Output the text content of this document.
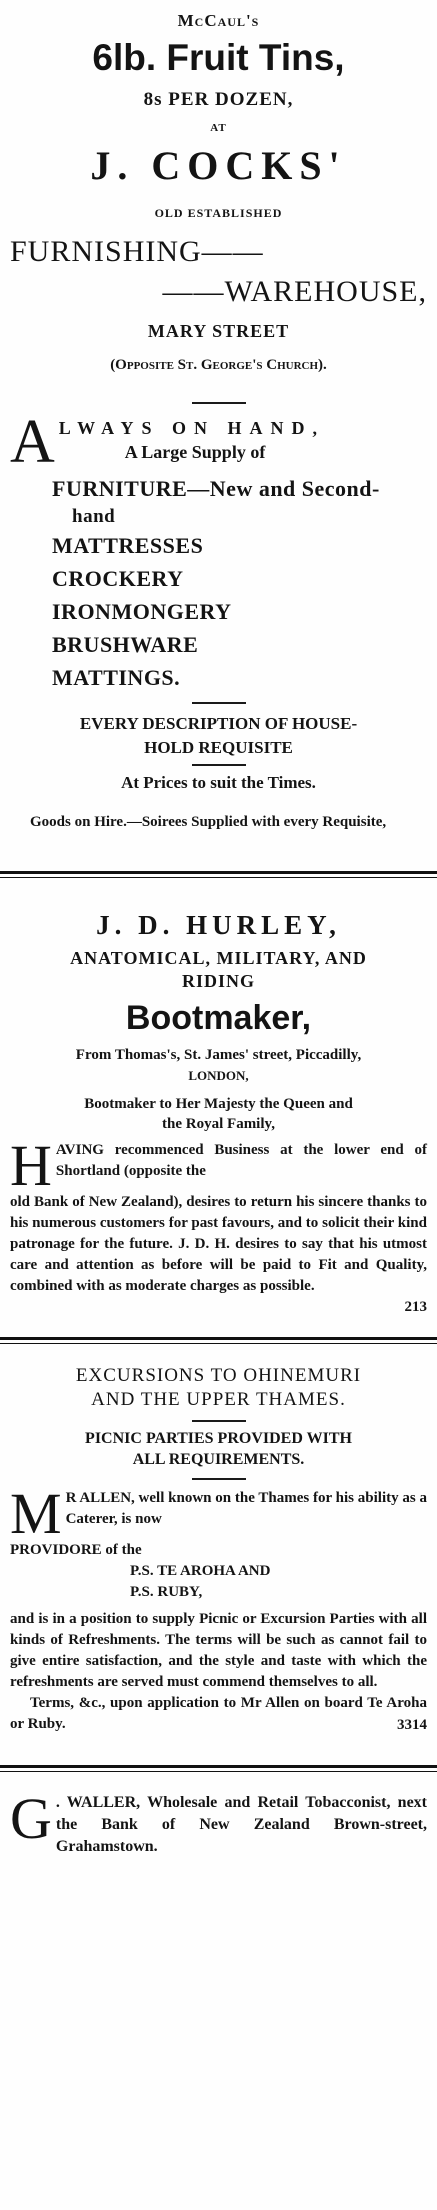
McCaul's
6lb. Fruit Tins,
8s PER DOZEN,
AT
J. COCKS'
OLD ESTABLISHED
FURNISHING——
——WAREHOUSE,
MARY STREET
(Opposite St. George's Church).
A LWAYS ON HAND,
A Large Supply of
FURNITURE—New and Second-
hand
MATTRESSES
CROCKERY
IRONMONGERY
BRUSHWARE
MATTINGS.
EVERY DESCRIPTION OF HOUSE-
HOLD REQUISITE
At Prices to suit the Times.
Goods on Hire.—Soirees Supplied with every Requisite,
J. D. HURLEY,
ANATOMICAL, MILITARY, AND
RIDING
Bootmaker,
From Thomas's, St. James' street, Piccadilly,
LONDON,
Bootmaker to Her Majesty the Queen and
the Royal Family,
H AVING recommenced Business at the lower end of Shortland (opposite the
old Bank of New Zealand), desires to return his sincere thanks to his numerous customers for past favours, and to solicit their kind patronage for the future. J. D. H. desires to say that his utmost care and attention as before will be paid to Fit and Quality, combined with as moderate charges as possible.
213
EXCURSIONS TO OHINEMURI
AND THE UPPER THAMES.
PICNIC PARTIES PROVIDED WITH
ALL REQUIREMENTS.
M R ALLEN, well known on the Thames for his ability as a Caterer, is now
PROVIDORE of the
P.S. TE AROHA AND
P.S. RUBY,
and is in a position to supply Picnic or Excursion Parties with all kinds of Refreshments. The terms will be such as cannot fail to give entire satisfaction, and the style and taste with which the refreshments are served must commend themselves to all.
Terms, &c., upon application to Mr Allen on board Te Aroha or Ruby.	3314
G . WALLER, Wholesale and Retail Tobacconist, next the Bank of New Zealand Brown-street, Grahamstown.
